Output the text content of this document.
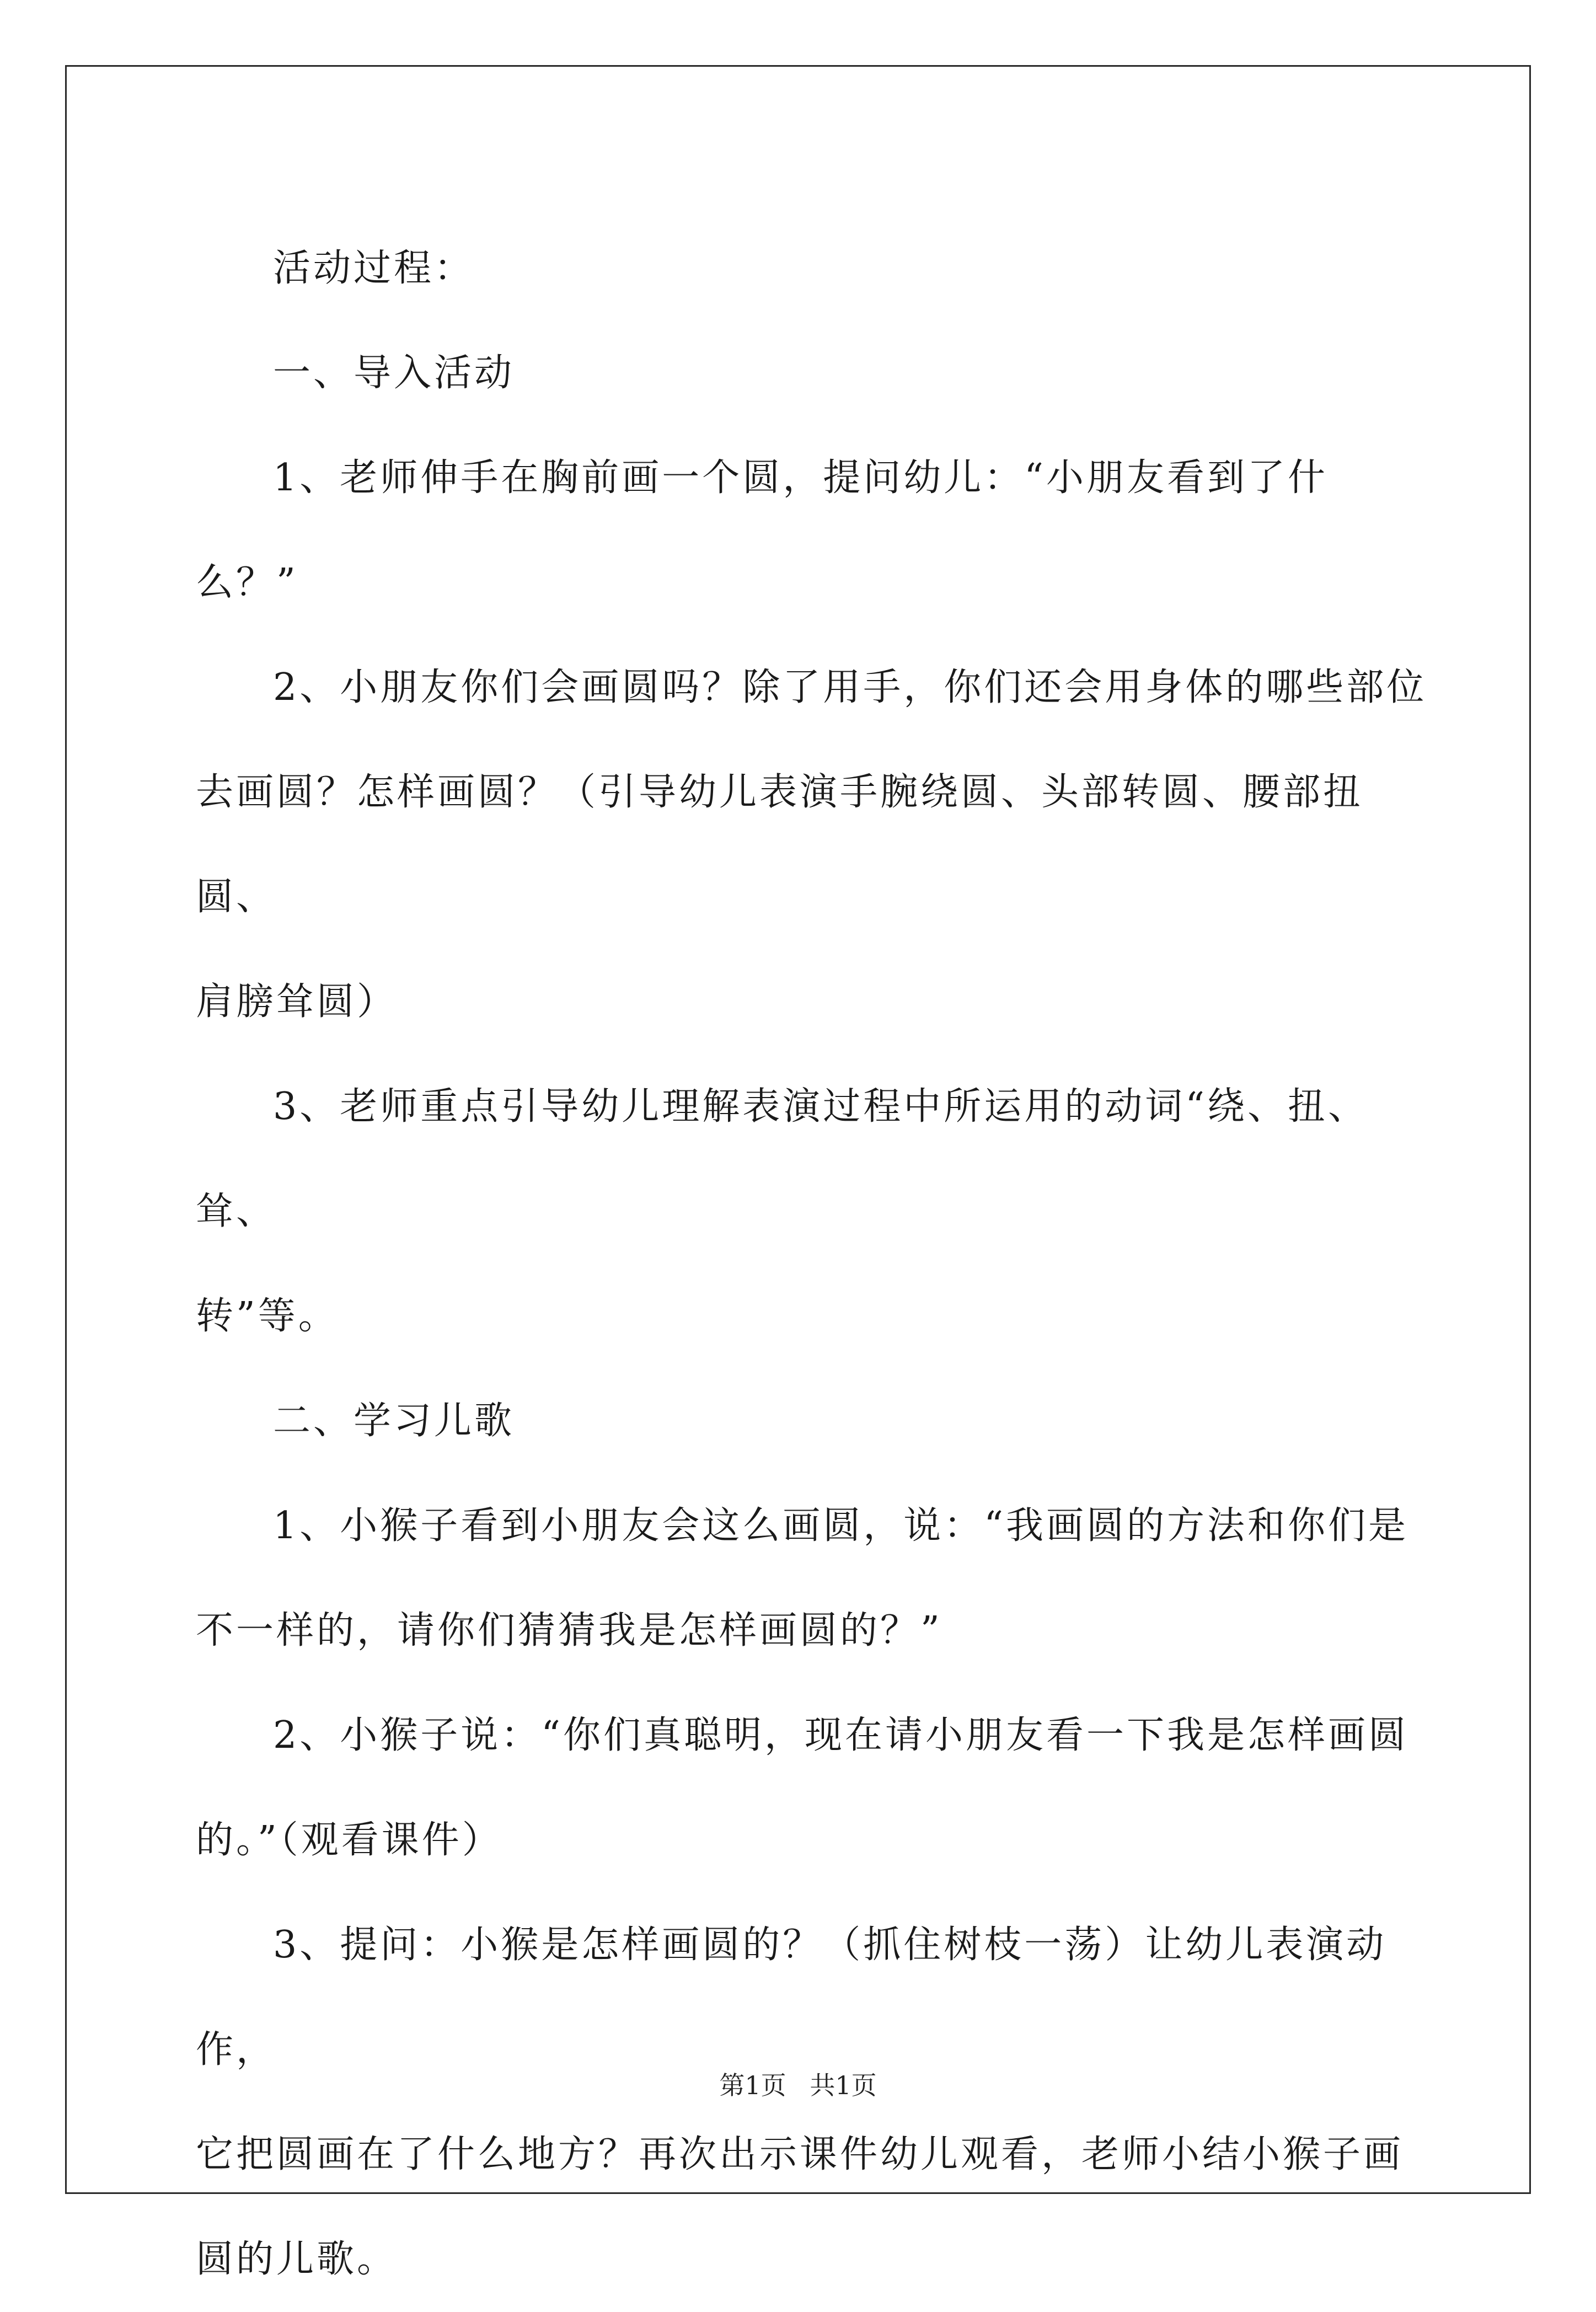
活动过程：

一、导入活动

1、老师伸手在胸前画一个圆，提问幼儿：“小朋友看到了什

么？”

2、小朋友你们会画圆吗？除了用手，你们还会用身体的哪些部位

去画圆？怎样画圆？（引导幼儿表演手腕绕圆、头部转圆、腰部扭圆、

肩膀耸圆）

3、老师重点引导幼儿理解表演过程中所运用的动词“绕、扭、耸、

转”等。

二、学习儿歌

1、小猴子看到小朋友会这么画圆，说：“我画圆的方法和你们是

不一样的，请你们猜猜我是怎样画圆的？”

2、小猴子说：“你们真聪明，现在请小朋友看一下我是怎样画圆

的。”（观看课件）

3、提问：小猴是怎样画圆的？（抓住树枝一荡）让幼儿表演动作，

它把圆画在了什么地方？再次出示课件幼儿观看，老师小结小猴子画

圆的儿歌。

第1页 共1页
